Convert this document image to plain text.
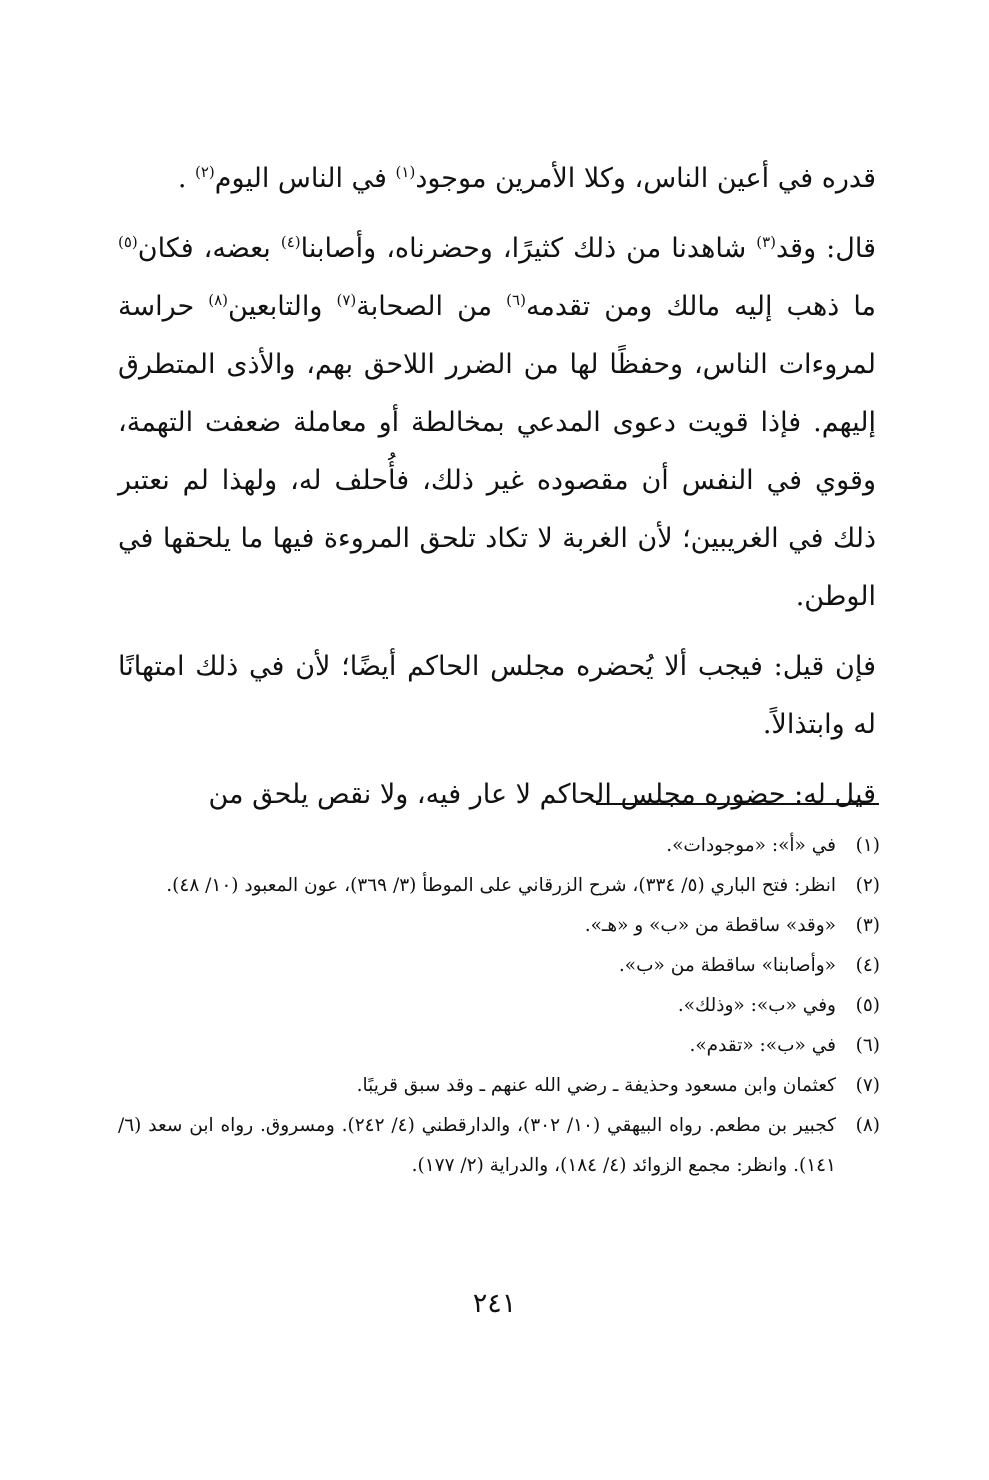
قدره في أعين الناس، وكلا الأمرين موجود$^{(١)}$ في الناس اليوم$^{(٢)}$ .

قال: وقد$^{(٣)}$ شاهدنا من ذلك كثيرًا، وحضرناه، وأصابنا$^{(٤)}$ بعضه، فكان$^{(٥)}$ ما ذهب إليه مالك ومن تقدمه$^{(٦)}$ من الصحابة$^{(٧)}$ والتابعين$^{(٨)}$ حراسة لمروءات الناس، وحفظًا لها من الضرر اللاحق بهم، والأذى المتطرق إليهم. فإذا قويت دعوى المدعي بمخالطة أو معاملة ضعفت التهمة، وقوي في النفس أن مقصوده غير ذلك، فأُحلف له، ولهذا لم نعتبر ذلك في الغريبين؛ لأن الغربة لا تكاد تلحق المروءة فيها ما يلحقها في الوطن.

فإن قيل: فيجب ألا يُحضره مجلس الحاكم أيضًا؛ لأن في ذلك امتهانًا له وابتذالاً.

قيل له: حضوره مجلس الحاكم لا عار فيه، ولا نقص يلحق من

(١)
في «أ»: «موجودات».
(٢)
انظر: فتح الباري (٥/ ٣٣٤)، شرح الزرقاني على الموطأ (٣/ ٣٦٩)، عون المعبود (١٠/ ٤٨).
(٣)
«وقد» ساقطة من «ب» و «هـ».
(٤)
«وأصابنا» ساقطة من «ب».
(٥)
وفي «ب»: «وذلك».
(٦)
في «ب»: «تقدم».
(٧)
كعثمان وابن مسعود وحذيفة ـ رضي الله عنهم ـ وقد سبق قريبًا.
(٨)
كجبير بن مطعم. رواه البيهقي (١٠/ ٣٠٢)، والدارقطني (٤/ ٢٤٢). ومسروق. رواه ابن سعد (٦/ ١٤١). وانظر: مجمع الزوائد (٤/ ١٨٤)، والدراية (٢/ ١٧٧).
٢٤١
